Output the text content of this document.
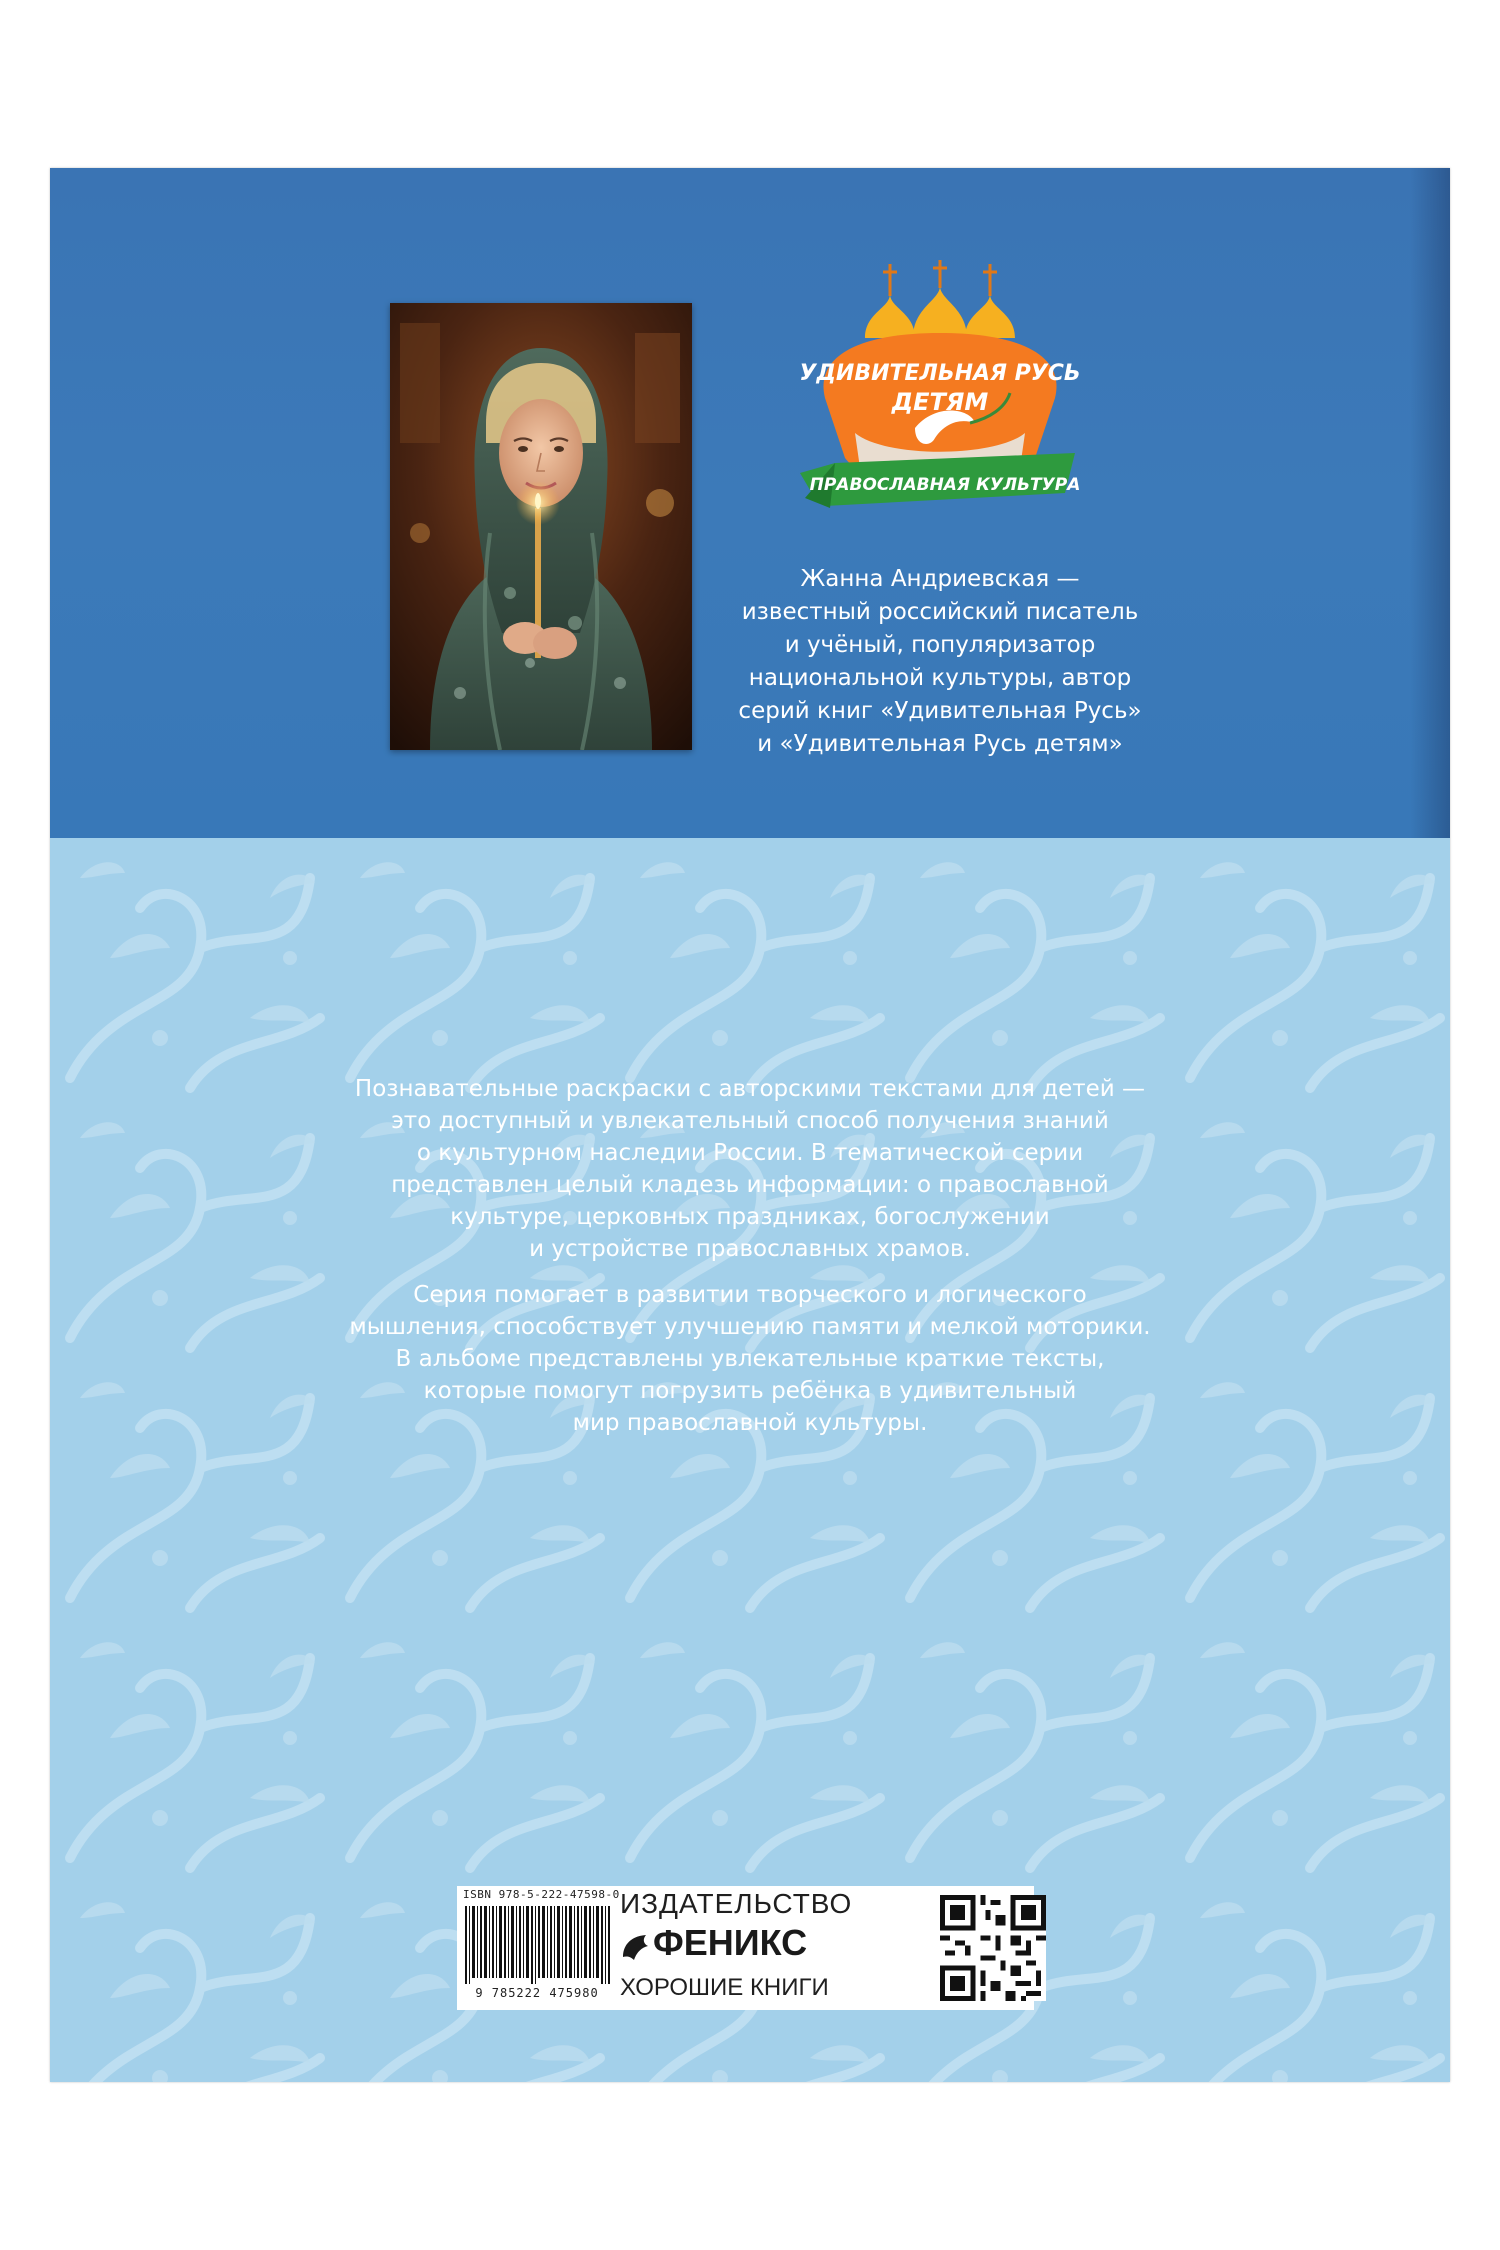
УДИВИТЕЛЬНАЯ РУСЬ
ДЕТЯМ
ПРАВОСЛАВНАЯ КУЛЬТУРА
Жанна Андриевская —
известный российский писатель
и учёный, популяризатор
национальной культуры, автор
серий книг «Удивительная Русь»
и «Удивительная Русь детям»
Познавательные раскраски с авторскими текстами для детей —
это доступный и увлекательный способ получения знаний
о культурном наследии России. В тематической серии
представлен целый кладезь информации: о православной
культуре, церковных праздниках, богослужении
и устройстве православных храмов.
Серия помогает в развитии творческого и логического
мышления, способствует улучшению памяти и мелкой моторики.
В альбоме представлены увлекательные краткие тексты,
которые помогут погрузить ребёнка в удивительный
мир православной культуры.
ISBN 978-5-222-47598-0
9 785222 475980
ИЗДАТЕЛЬСТВО
ФЕНИКС
ХОРОШИЕ КНИГИ
